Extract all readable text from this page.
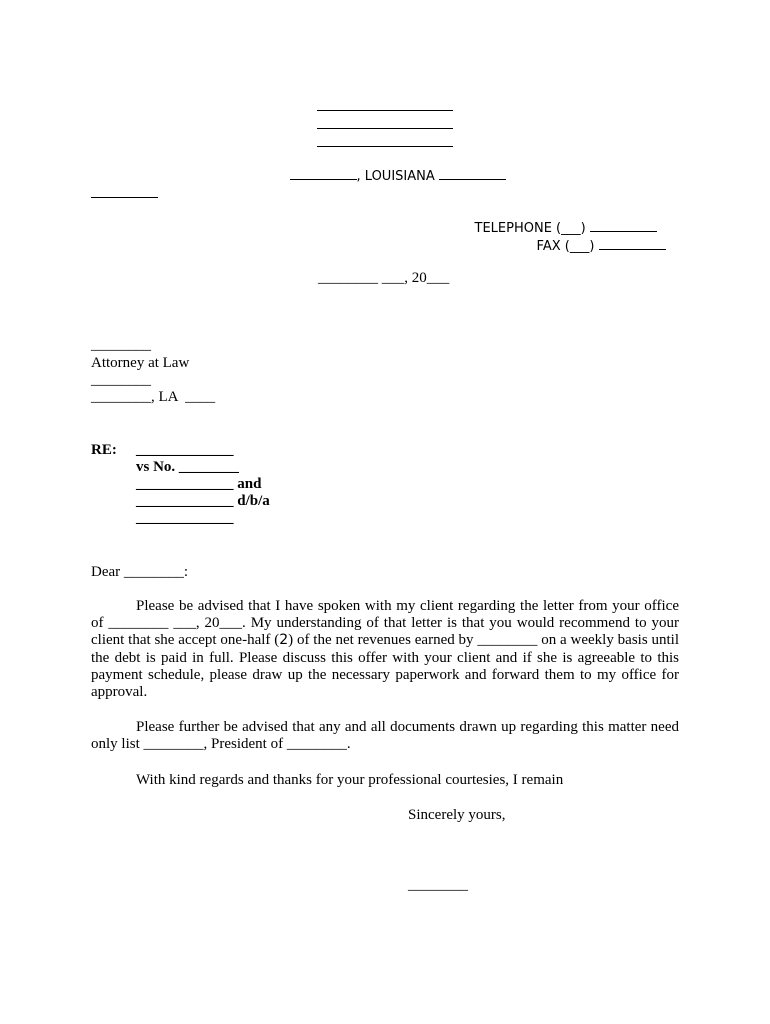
, LOUISIANA

TELEPHONE (___)

FAX (___)

________ ___, 20___
________
Attorney at Law
________
________, LA  ____
RE: _____________
vs No. ________
_____________ and
_____________ d/b/a
_____________
Dear ________:
Please be advised that I have spoken with my client regarding the letter from your office of ________ ___, 20___. My understanding of that letter is that you would recommend to your client that she accept one-half (2) of the net revenues earned by ________ on a weekly basis until the debt is paid in full. Please discuss this offer with your client and if she is agreeable to this payment schedule, please draw up the necessary paperwork and forward them to my office for approval.
Please further be advised that any and all documents drawn up regarding this matter need only list ________, President of ________.
With kind regards and thanks for your professional courtesies, I remain
Sincerely yours,
________
